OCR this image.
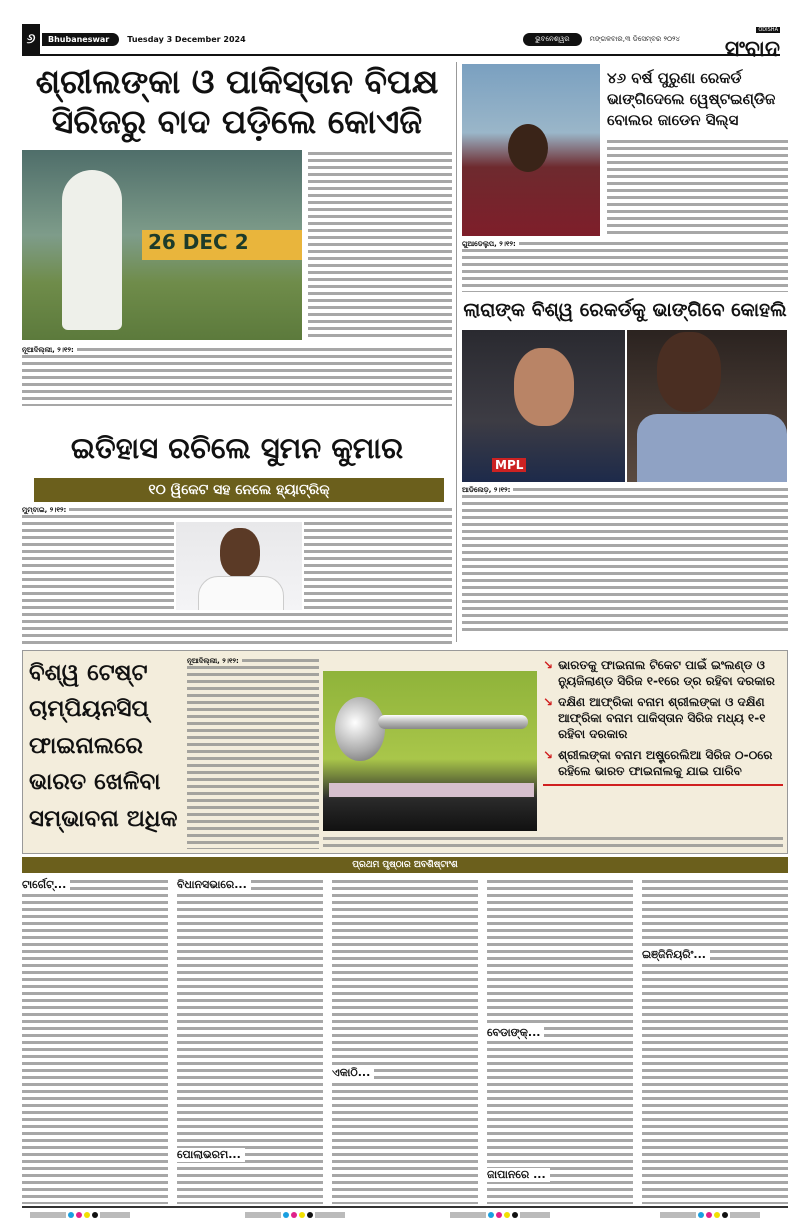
୬	Bhubaneswar	Tuesday 3 December 2024	ଭୁବନେଶ୍ୱର	ମଙ୍ଗଳବାର,୩ ଡିସେମ୍ବର ୨୦୨୪
ODISHA
ସଂବାଦ
ଶ୍ରୀଲଙ୍କା ଓ ପାକିସ୍ତାନ ବିପକ୍ଷ ସିରିଜରୁ ବାଦ ପଡ଼ିଲେ କୋଏଜି
26 DEC 2
ନୂଆଦିଲ୍ଲୀ, ୨।୧୨:
୪୬ ବର୍ଷ ପୁରୁଣା ରେକର୍ଡ ଭାଙ୍ଗିଦେଲେ ୱେଷ୍ଟଇଣ୍ଡିଜ ବୋଲର ଜାଡେନ ସିଲ୍ସ
ଗୁଆଡେଲୁପ, ୨।୧୨:
ଲାରାଙ୍କ ବିଶ୍ୱ ରେକର୍ଡକୁ ଭାଙ୍ଗିବେ କୋହଲି
MPL
ଆଡିଲେଡ଼, ୨।୧୨:
ଇତିହାସ ରଚିଲେ ସୁମନ କୁମାର
୧୦ ୱିକେଟ ସହ ନେଲେ ହ୍ୟାଟ୍ରିକ୍
ମୁମ୍ବାଇ, ୨।୧୨:
ନୂଆଦିଲ୍ଲୀ, ୨।୧୨:
ବିଶ୍ୱ ଟେଷ୍ଟ ଚାମ୍ପିୟନସିପ୍ ଫାଇନାଲରେ ଭାରତ ଖେଳିବା ସମ୍ଭାବନା ଅଧିକ
↘ ଭାରତକୁ ଫାଇନାଲ ଟିକେଟ ପାଇଁ ଇଂଲଣ୍ଡ ଓ ନ୍ୟୁଜିଲାଣ୍ଡ ସିରିଜ ୧-୧ରେ ଡ୍ର ରହିବା ଦରକାର
↘ ଦକ୍ଷିଣ ଆଫ୍ରିକା ବନାମ ଶ୍ରୀଲଙ୍କା ଓ ଦକ୍ଷିଣ ଆଫ୍ରିକା ବନାମ ପାକିସ୍ତାନ ସିରିଜ ମଧ୍ୟ ୧-୧ ରହିବା ଦରକାର
↘ ଶ୍ରୀଲଙ୍କା ବନାମ ଅଷ୍ଟ୍ରେଲିଆ ସିରିଜ ୦-୦ରେ ରହିଲେ ଭାରତ ଫାଇନାଲକୁ ଯାଇ ପାରିବ
ପ୍ରଥମ ପୃଷ୍ଠାର ଅବଶିଷ୍ଟାଂଶ
ଟାର୍ଗେଟ୍...	ବିଧାନସଭାରେ...
ବେଡାଙ୍କ୍...
ଏକାଠି...
ପୋଲାଭରମ...
ଜାପାନରେ ...
ଇଞ୍ଜିନିୟରିଂ...
